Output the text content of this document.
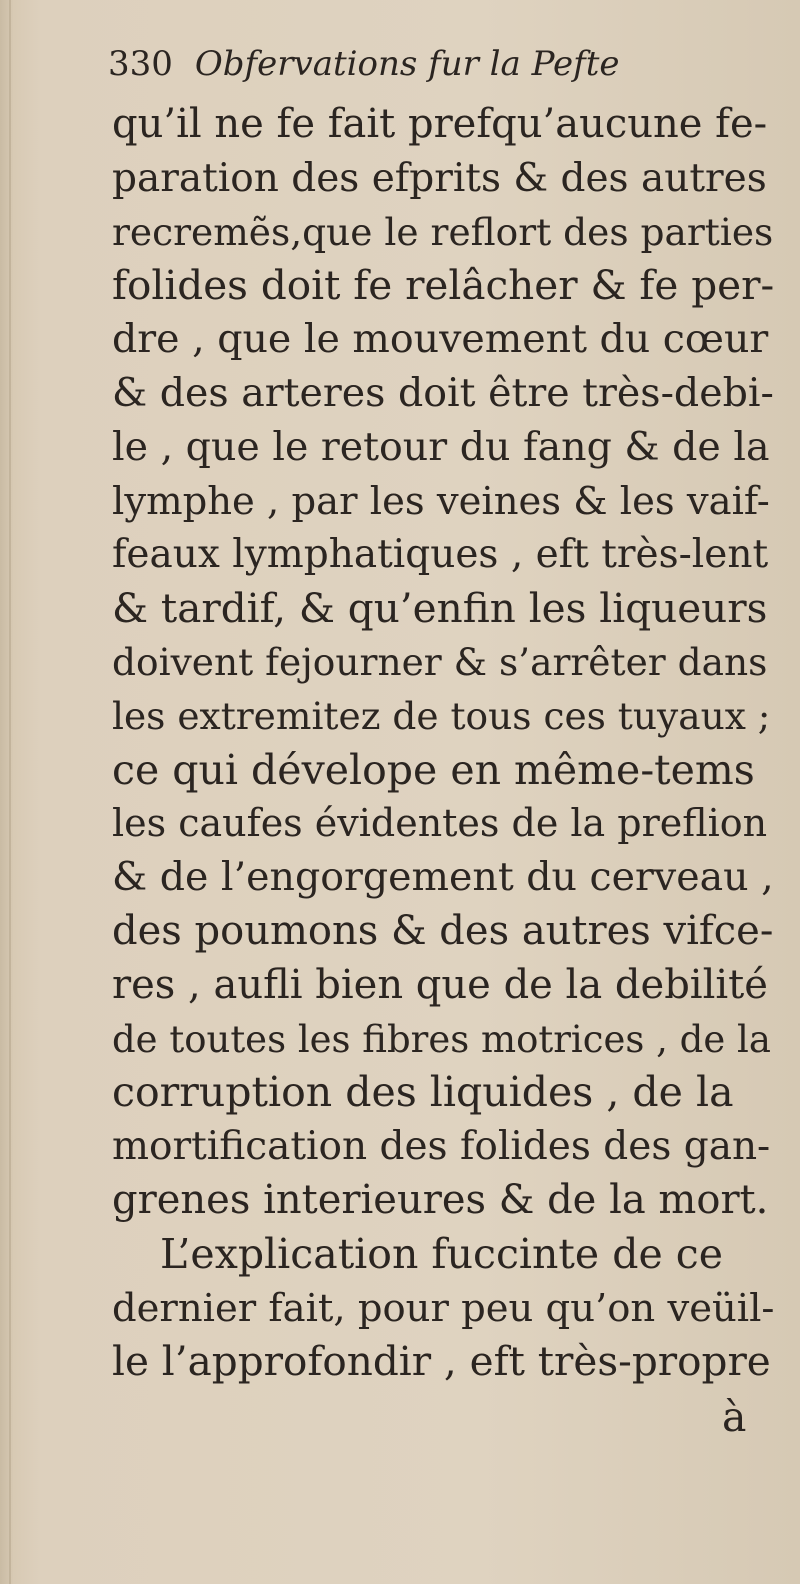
330 Obfervations fur la Pefte
qu’il ne fe fait prefqu’aucune fe-
paration des efprits & des autres
recremẽs,que le reflort des parties
folides doit fe relâcher & fe per-
dre , que le mouvement du cœur
& des arteres doit être très-debi-
le , que le retour du fang & de la
lymphe , par les veines & les vaif-
feaux lymphatiques , eft très-lent
& tardif, & qu’enfin les liqueurs
doivent fejourner & s’arrêter dans
les extremitez de tous ces tuyaux ;
ce qui dévelope en même-tems
les caufes évidentes de la preflion
& de l’engorgement du cerveau ,
des poumons & des autres vifce-
res , aufli bien que de la debilité
de toutes les fibres motrices , de la
corruption des liquides , de la
mortification des folides des gan-
grenes interieures & de la mort.
L’explication fuccinte de ce
dernier fait, pour peu qu’on veüil-
le l’approfondir , eft très-propre
à
